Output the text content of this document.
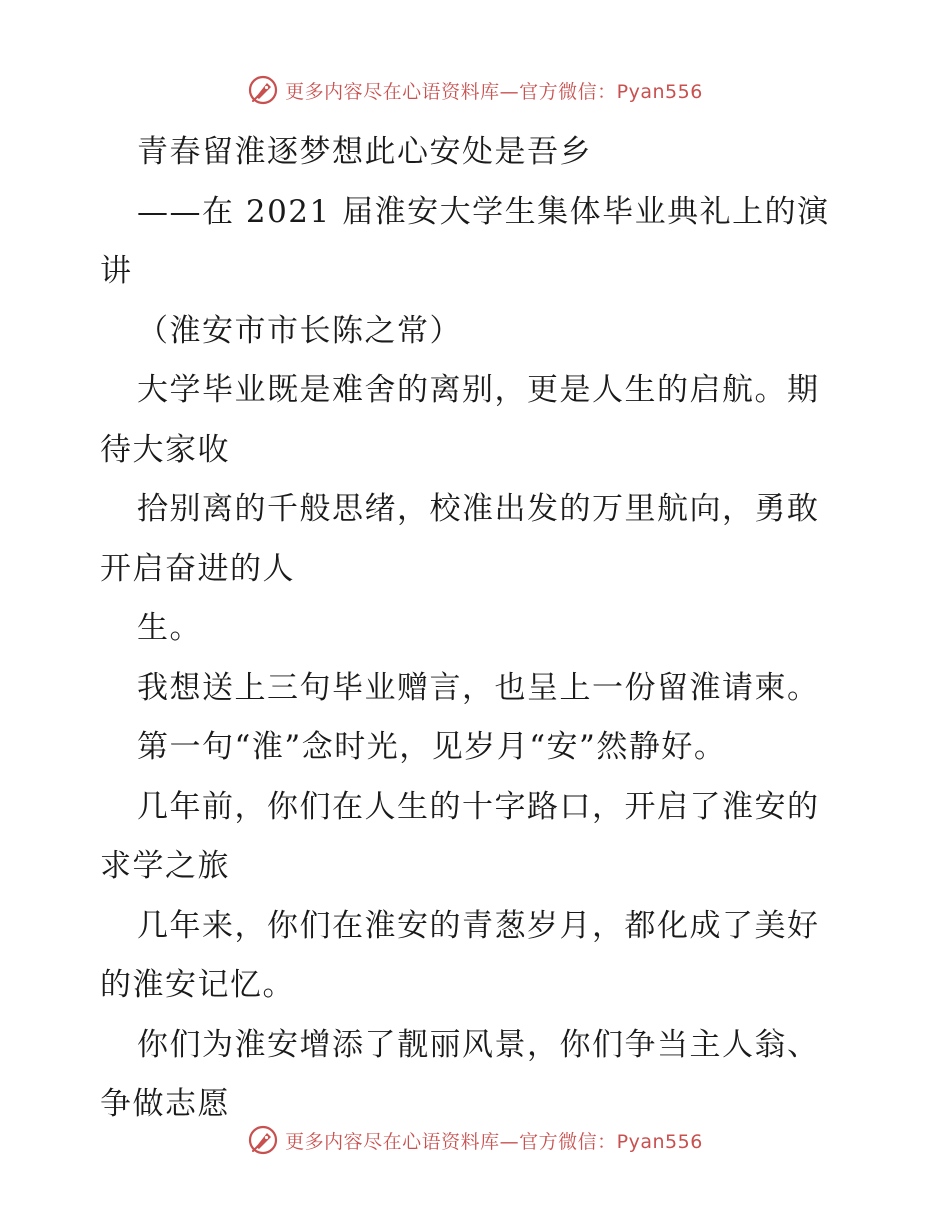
更多内容尽在心语资料库—官方微信：Pyan556
青春留淮逐梦想此心安处是吾乡
——在 2021 届淮安大学生集体毕业典礼上的演
讲
（淮安市市长陈之常）
大学毕业既是难舍的离别，更是人生的启航。期
待大家收
拾别离的千般思绪，校准出发的万里航向，勇敢
开启奋进的人
生。
我想送上三句毕业赠言，也呈上一份留淮请柬。
第一句“淮”念时光，见岁月“安”然静好。
几年前，你们在人生的十字路口，开启了淮安的
求学之旅
几年来，你们在淮安的青葱岁月，都化成了美好
的淮安记忆。
你们为淮安增添了靓丽风景，你们争当主人翁、
争做志愿
更多内容尽在心语资料库—官方微信：Pyan556
